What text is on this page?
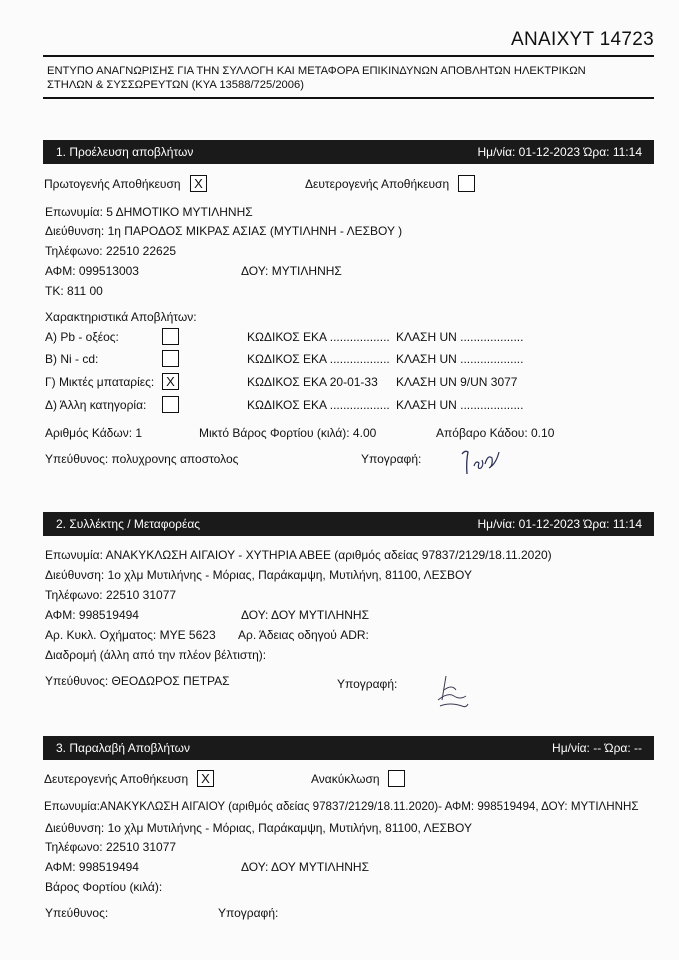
ΑΝΑΙΧΥΤ 14723
ΕΝΤΥΠΟ ΑΝΑΓΝΩΡΙΣΗΣ ΓΙΑ ΤΗΝ ΣΥΛΛΟΓΗ ΚΑΙ ΜΕΤΑΦΟΡΑ ΕΠΙΚΙΝΔΥΝΩΝ ΑΠΟΒΛΗΤΩΝ ΗΛΕΚΤΡΙΚΩΝ
ΣΤΗΛΩΝ & ΣΥΣΣΩΡΕΥΤΩΝ (ΚΥΑ 13588/725/2006)
1. Προέλευση αποβλήτων	Ημ/νία: 01-12-2023 Ώρα: 11:14
Πρωτογενής Αποθήκευση	X	Δευτερογενής Αποθήκευση
Επωνυμία: 5 ΔΗΜΟΤΙΚΟ ΜΥΤΙΛΗΝΗΣ
Διεύθυνση: 1η ΠΑΡΟΔΟΣ ΜΙΚΡΑΣ ΑΣΙΑΣ (ΜΥΤΙΛΗΝΗ - ΛΕΣΒΟΥ )
Τηλέφωνο: 22510 22625
ΑΦΜ: 099513003	ΔΟΥ: ΜΥΤΙΛΗΝΗΣ
ΤΚ: 811 00
Χαρακτηριστικά Αποβλήτων:
Α) Pb - οξέος:	ΚΩΔΙΚΟΣ ΕΚΑ .................. ΚΛΑΣΗ UN ...................
Β) Ni - cd:	ΚΩΔΙΚΟΣ ΕΚΑ .................. ΚΛΑΣΗ UN ...................
Γ) Μικτές μπαταρίες: X	ΚΩΔΙΚΟΣ ΕΚΑ 20-01-33 ΚΛΑΣΗ UN 9/UN 3077
Δ) Άλλη κατηγορία:	ΚΩΔΙΚΟΣ ΕΚΑ .................. ΚΛΑΣΗ UN ...................
Αριθμός Κάδων: 1	Μικτό Βάρος Φορτίου (κιλά): 4.00	Απόβαρο Κάδου: 0.10
Υπεύθυνος: πολυχρονης αποστολος	Υπογραφή:
2. Συλλέκτης / Μεταφορέας	Ημ/νία: 01-12-2023 Ώρα: 11:14
Επωνυμία: ΑΝΑΚΥΚΛΩΣΗ ΑΙΓΑΙΟΥ - ΧΥΤΗΡΙΑ ΑΒΕΕ (αριθμός αδείας 97837/2129/18.11.2020)
Διεύθυνση: 1ο χλμ Μυτιλήνης - Μόριας, Παράκαμψη, Μυτιλήνη, 81100, ΛΕΣΒΟΥ
Τηλέφωνο: 22510 31077
ΑΦΜ: 998519494	ΔΟΥ: ΔΟΥ ΜΥΤΙΛΗΝΗΣ
Αρ. Κυκλ. Οχήματος: ΜΥΕ 5623 Αρ. Άδειας οδηγού ADR:
Διαδρομή (άλλη από την πλέον βέλτιστη):
Υπεύθυνος: ΘΕΟΔΩΡΟΣ ΠΕΤΡΑΣ	Υπογραφή:
3. Παραλαβή Αποβλήτων	Ημ/νία: -- Ώρα: --
Δευτερογενής Αποθήκευση	X	Ανακύκλωση
Επωνυμία:ΑΝΑΚΥΚΛΩΣΗ ΑΙΓΑΙΟΥ (αριθμός αδείας 97837/2129/18.11.2020)- ΑΦΜ: 998519494, ΔΟΥ: ΜΥΤΙΛΗΝΗΣ
Διεύθυνση: 1ο χλμ Μυτιλήνης - Μόριας, Παράκαμψη, Μυτιλήνη, 81100, ΛΕΣΒΟΥ
Τηλέφωνο: 22510 31077
ΑΦΜ: 998519494	ΔΟΥ: ΔΟΥ ΜΥΤΙΛΗΝΗΣ
Βάρος Φορτίου (κιλά):
Υπεύθυνος:	Υπογραφή:
